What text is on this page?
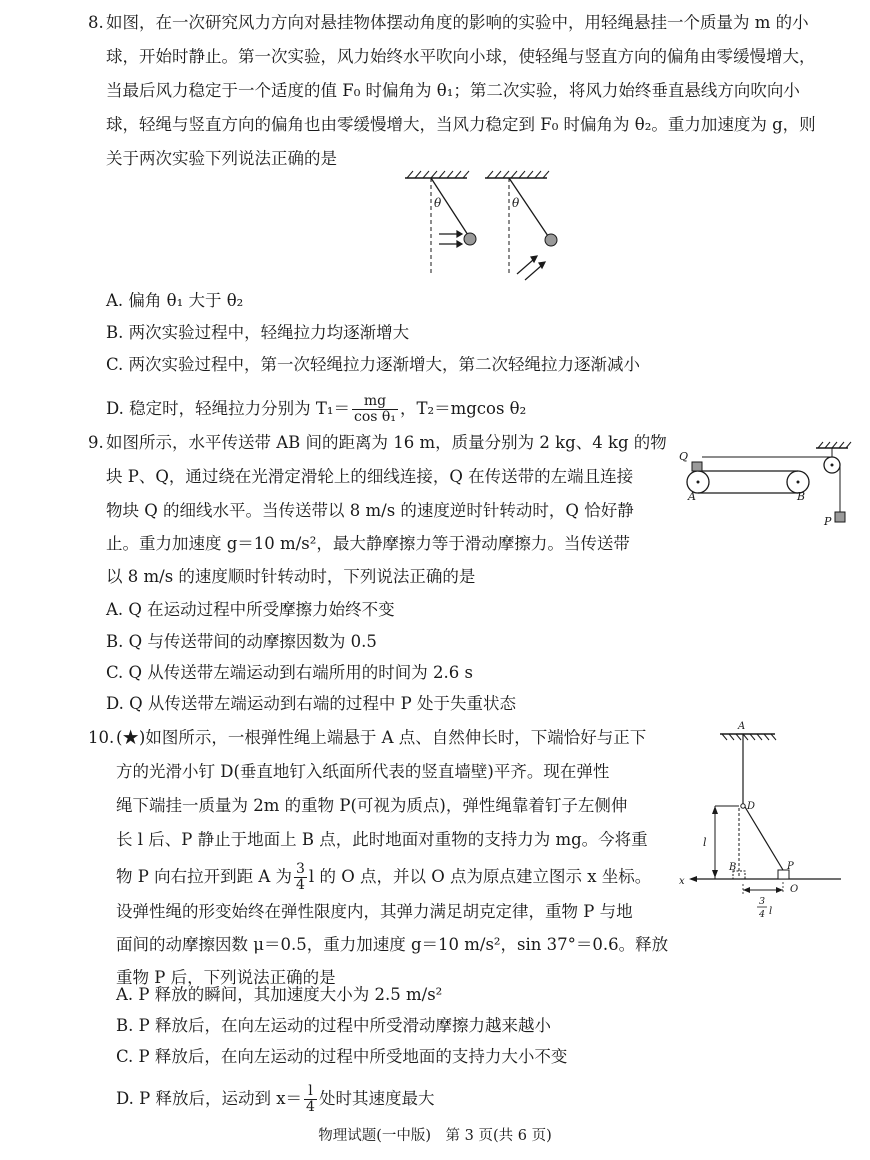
8. 如图，在一次研究风力方向对悬挂物体摆动角度的影响的实验中，用轻绳悬挂一个质量为 m 的小
球，开始时静止。第一次实验，风力始终水平吹向小球，使轻绳与竖直方向的偏角由零缓慢增大，
当最后风力稳定于一个适度的值 F₀ 时偏角为 θ₁；第二次实验，将风力始终垂直悬线方向吹向小
球，轻绳与竖直方向的偏角也由零缓慢增大，当风力稳定到 F₀ 时偏角为 θ₂。重力加速度为 g，则
关于两次实验下列说法正确的是
θ	θ
A. 偏角 θ₁ 大于 θ₂
B. 两次实验过程中，轻绳拉力均逐渐增大
C. 两次实验过程中，第一次轻绳拉力逐渐增大，第二次轻绳拉力逐渐减小
D. 稳定时，轻绳拉力分别为 $T_1= \frac{mg}{\text{cos θ₁}}$ ，T₂＝mgcos θ₂
9. 如图所示，水平传送带 AB 间的距离为 16 m，质量分别为 2 kg、4 kg 的物
块 P、Q，通过绕在光滑定滑轮上的细线连接，Q 在传送带的左端且连接
物块 Q 的细线水平。当传送带以 8 m/s 的速度逆时针转动时，Q 恰好静
止。重力加速度 g＝10 m/s²，最大静摩擦力等于滑动摩擦力。当传送带
以 8 m/s 的速度顺时针转动时，下列说法正确的是
Q
A	B
P
A. Q 在运动过程中所受摩擦力始终不变
B. Q 与传送带间的动摩擦因数为 0.5
C. Q 从传送带左端运动到右端所用的时间为 2.6 s
D. Q 从传送带左端运动到右端的过程中 P 处于失重状态
10. (★)如图所示，一根弹性绳上端悬于 A 点、自然伸长时，下端恰好与正下
方的光滑小钉 D(垂直地钉入纸面所代表的竖直墙壁)平齐。现在弹性
绳下端挂一质量为 2m 的重物 P(可视为质点)，弹性绳靠着钉子左侧伸
长 l 后、P 静止于地面上 B 点，此时地面对重物的支持力为 mg。今将重
物 P 向右拉开到距 A 为 $\frac{3}{4}$ l 的 O 点，并以 O 点为原点建立图示 x 坐标。
设弹性绳的形变始终在弹性限度内，其弹力满足胡克定律，重物 P 与地
面间的动摩擦因数 μ＝0.5，重力加速度 g＝10 m/s²，sin 37°＝0.6。释放
重物 P 后，下列说法正确的是
A
D
l
x
B	P
O
3
4 l
A. P 释放的瞬间，其加速度大小为 2.5 m/s²
B. P 释放后，在向左运动的过程中所受滑动摩擦力越来越小
C. P 释放后，在向左运动的过程中所受地面的支持力大小不变
D. P 释放后，运动到 $x= \frac{l}{4}$ 处时其速度最大
物理试题(一中版)　第 3 页(共 6 页)
